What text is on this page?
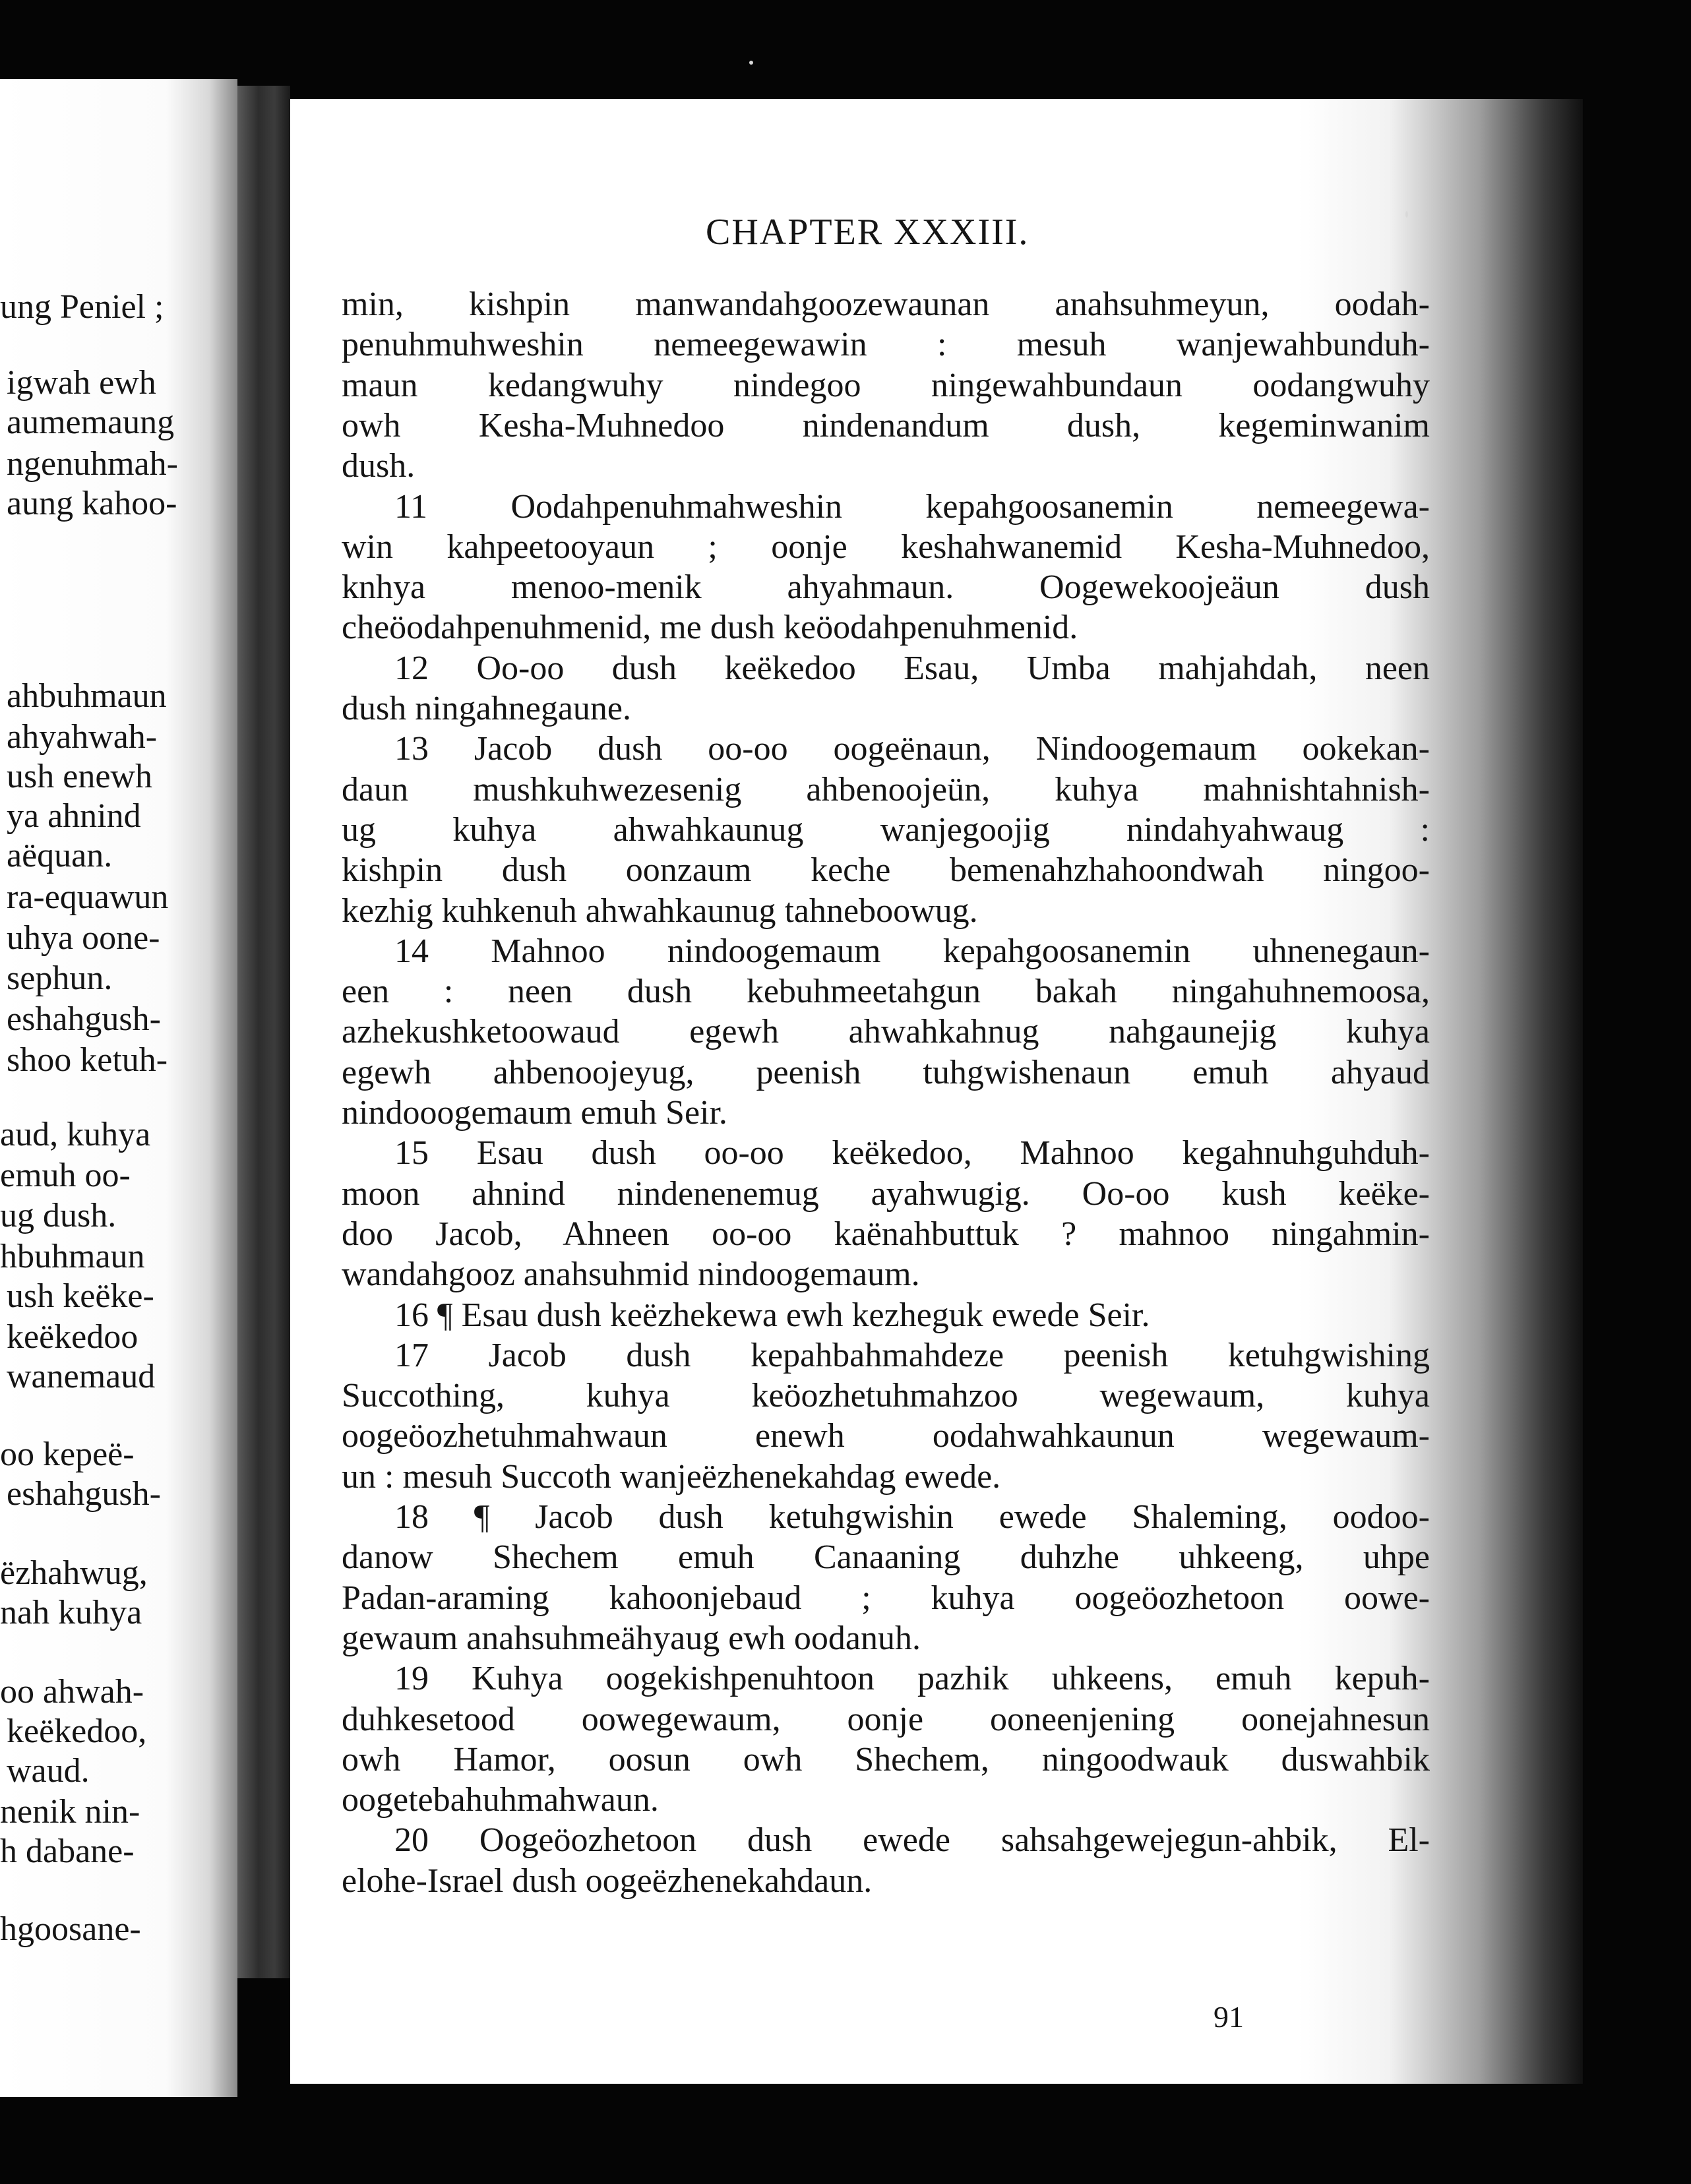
ung Peniel ;
igwah ewh
aumemaung
ngenuhmah-
aung kahoo-
ahbuhmaun
ahyahwah-
ush enewh
ya ahnind
aëquan.
ra-equawun
uhya oone-
sephun.
eshahgush-
shoo ketuh-
aud, kuhya
emuh oo-
ug dush.
hbuhmaun
ush keëke-
keëkedoo
wanemaud
oo kepeë-
eshahgush-
ëzhahwug,
nah kuhya
oo ahwah-
keëkedoo,
waud.
nenik nin-
h dabane-
hgoosane-
CHAPTER XXXIII.
min, kishpin manwandahgoozewaunan anahsuhmeyun, oodah-
penuhmuhweshin nemeegewawin : mesuh wanjewahbunduh-
maun kedangwuhy nindegoo ningewahbundaun oodangwuhy
owh Kesha-Muhnedoo nindenandum dush, kegeminwanim
dush.
11 Oodahpenuhmahweshin kepahgoosanemin nemeegewa-
win kahpeetooyaun ; oonje keshahwanemid Kesha-Muhnedoo,
knhya menoo-menik ahyahmaun. Oogewekoojeäun dush
cheöodahpenuhmenid, me dush keöodahpenuhmenid.
12 Oo-oo dush keëkedoo Esau, Umba mahjahdah, neen
dush ningahnegaune.
13 Jacob dush oo-oo oogeënaun, Nindoogemaum ookekan-
daun mushkuhwezesenig ahbenoojeün, kuhya mahnishtahnish-
ug kuhya ahwahkaunug wanjegoojig nindahyahwaug :
kishpin dush oonzaum keche bemenahzhahoondwah ningoo-
kezhig kuhkenuh ahwahkaunug tahneboowug.
14 Mahnoo nindoogemaum kepahgoosanemin uhnenegaun-
een : neen dush kebuhmeetahgun bakah ningahuhnemoosa,
azhekushketoowaud egewh ahwahkahnug nahgaunejig kuhya
egewh ahbenoojeyug, peenish tuhgwishenaun emuh ahyaud
nindooogemaum emuh Seir.
15 Esau dush oo-oo keëkedoo, Mahnoo kegahnuhguhduh-
moon ahnind nindenenemug ayahwugig. Oo-oo kush keëke-
doo Jacob, Ahneen oo-oo kaënahbuttuk ? mahnoo ningahmin-
wandahgooz anahsuhmid nindoogemaum.
16 ¶ Esau dush keëzhekewa ewh kezheguk ewede Seir.
17 Jacob dush kepahbahmahdeze peenish ketuhgwishing
Succothing, kuhya keöozhetuhmahzoo wegewaum, kuhya
oogeöozhetuhmahwaun enewh oodahwahkaunun wegewaum-
un : mesuh Succoth wanjeëzhenekahdag ewede.
18 ¶ Jacob dush ketuhgwishin ewede Shaleming, oodoo-
danow Shechem emuh Canaaning duhzhe uhkeeng, uhpe
Padan-araming kahoonjebaud ; kuhya oogeöozhetoon oowe-
gewaum anahsuhmeähyaug ewh oodanuh.
19 Kuhya oogekishpenuhtoon pazhik uhkeens, emuh kepuh-
duhkesetood oowegewaum, oonje ooneenjening oonejahnesun
owh Hamor, oosun owh Shechem, ningoodwauk duswahbik
oogetebahuhmahwaun.
20 Oogeöozhetoon dush ewede sahsahgewejegun-ahbik, El-
elohe-Israel dush oogeëzhenekahdaun.
91
